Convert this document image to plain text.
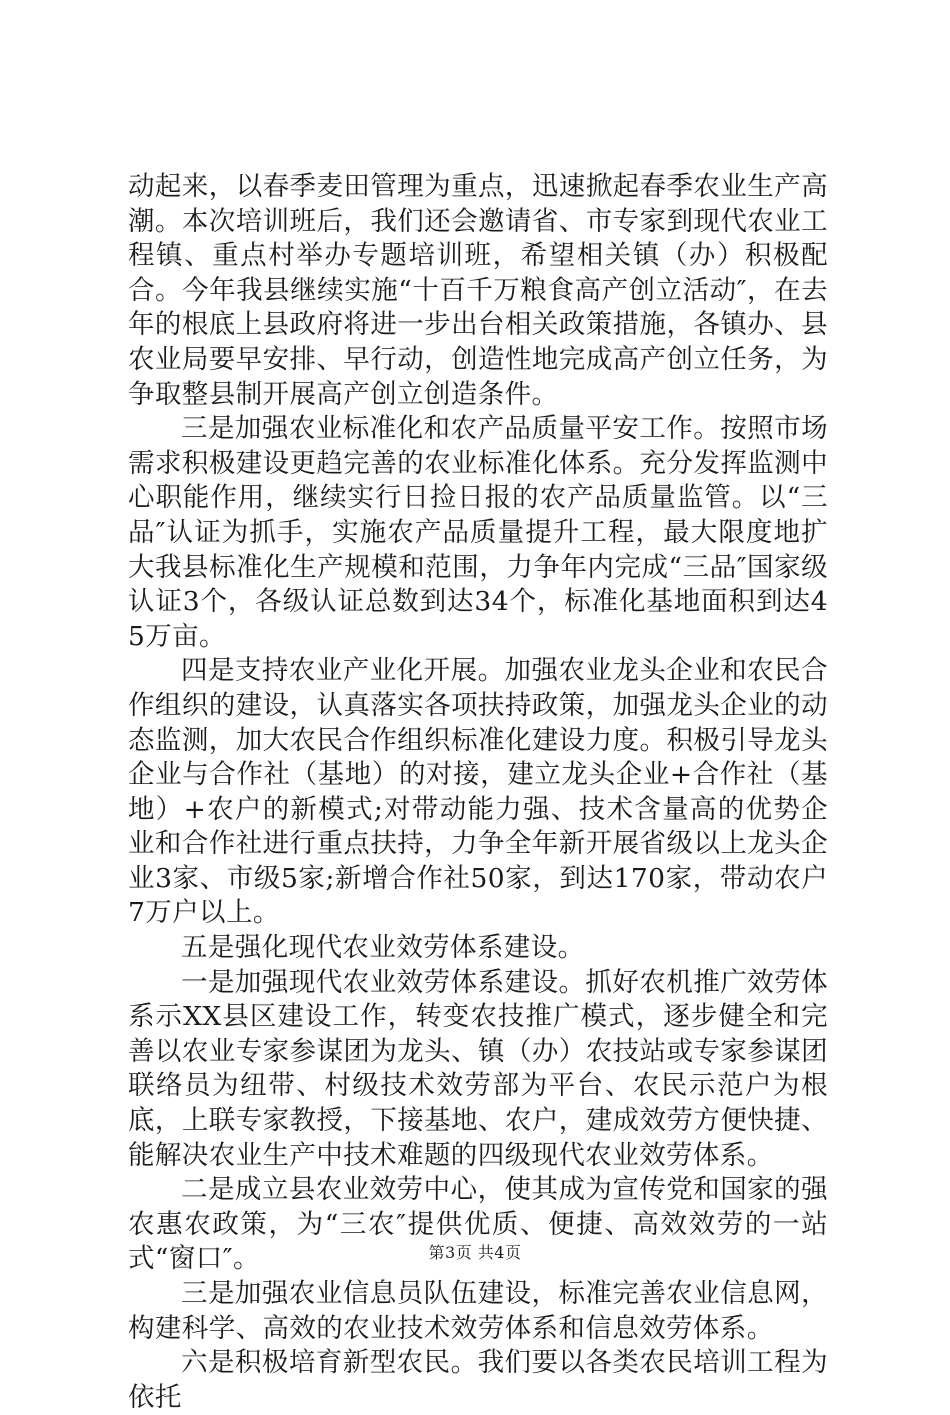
动起来，以春季麦田管理为重点，迅速掀起春季农业生产高潮。本次培训班后，我们还会邀请省、市专家到现代农业工程镇、重点村举办专题培训班，希望相关镇（办）积极配合。今年我县继续实施“十百千万粮食高产创立活动″，在去年的根底上县政府将进一步出台相关政策措施，各镇办、县农业局要早安排、早行动，创造性地完成高产创立任务，为争取整县制开展高产创立创造条件。

三是加强农业标准化和农产品质量平安工作。按照市场需求积极建设更趋完善的农业标准化体系。充分发挥监测中心职能作用，继续实行日捡日报的农产品质量监管。以“三品″认证为抓手，实施农产品质量提升工程，最大限度地扩大我县标准化生产规模和范围，力争年内完成“三品″国家级认证3个，各级认证总数到达34个，标准化基地面积到达45万亩。

四是支持农业产业化开展。加强农业龙头企业和农民合作组织的建设，认真落实各项扶持政策，加强龙头企业的动态监测，加大农民合作组织标准化建设力度。积极引导龙头企业与合作社（基地）的对接，建立龙头企业+合作社（基地）+农户的新模式;对带动能力强、技术含量高的优势企业和合作社进行重点扶持，力争全年新开展省级以上龙头企业3家、市级5家;新增合作社50家，到达170家，带动农户7万户以上。

五是强化现代农业效劳体系建设。

一是加强现代农业效劳体系建设。抓好农机推广效劳体系示XX县区建设工作，转变农技推广模式，逐步健全和完善以农业专家参谋团为龙头、镇（办）农技站或专家参谋团联络员为纽带、村级技术效劳部为平台、农民示范户为根底，上联专家教授，下接基地、农户，建成效劳方便快捷、能解决农业生产中技术难题的四级现代农业效劳体系。

二是成立县农业效劳中心，使其成为宣传党和国家的强农惠农政策，为“三农″提供优质、便捷、高效效劳的一站式“窗口″。

三是加强农业信息员队伍建设，标准完善农业信息网，构建科学、高效的农业技术效劳体系和信息效劳体系。

六是积极培育新型农民。我们要以各类农民培训工程为依托

第3页 共4页
